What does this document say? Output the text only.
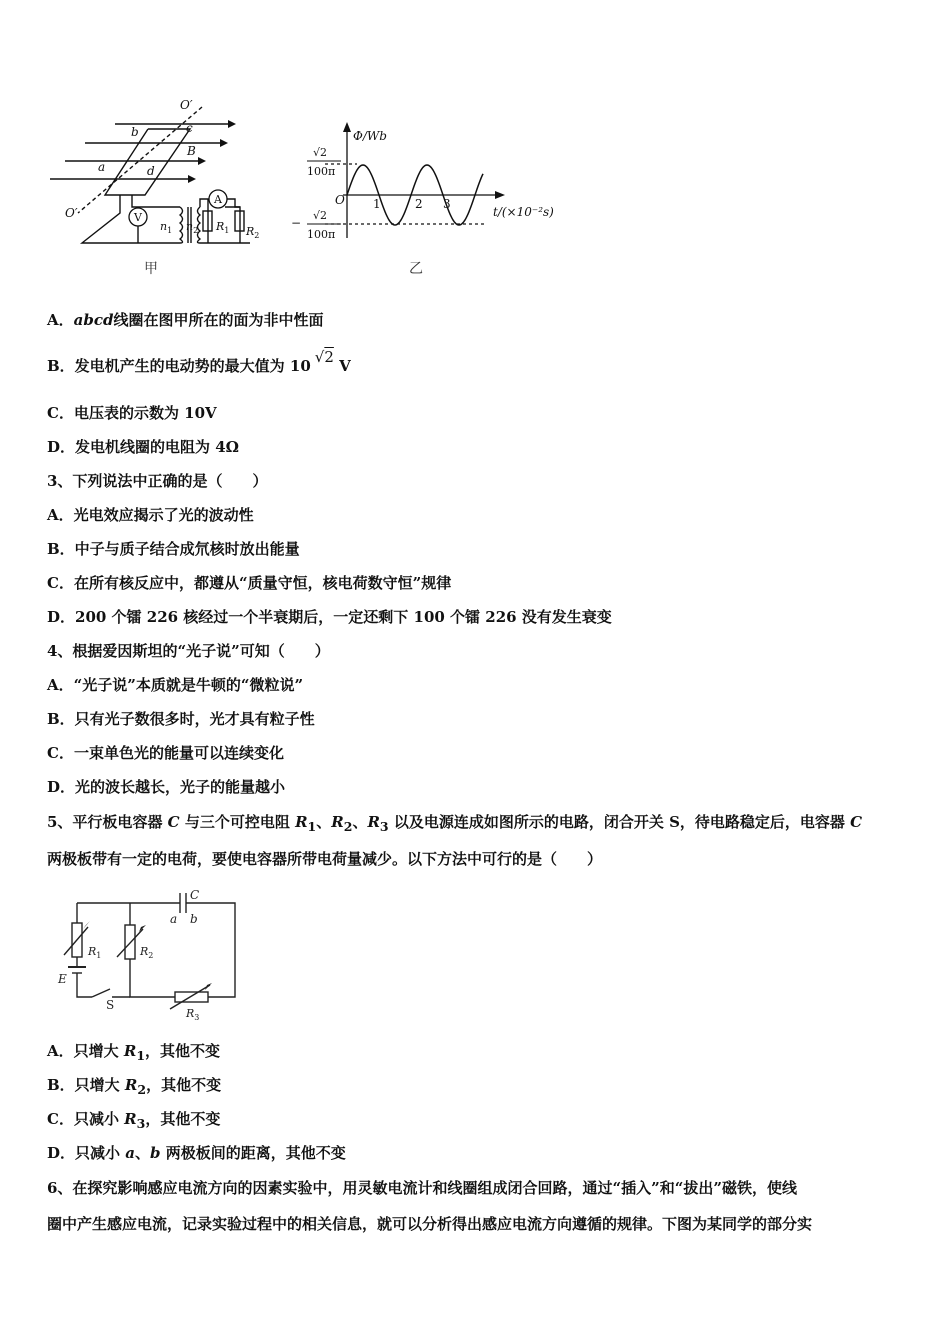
O′
O′
a
b	c
d
B
$n_1$ $n_2$ $R_1$ $R_2$
V
A
甲
Φ/Wb
O
t/(×10⁻²s)
1	2 3
√2
100π
−
√2
100π
乙
A．abcd线圈在图甲所在的面为非中性面
B．发电机产生的电动势的最大值为 10 √2 V
C．电压表的示数为 10V
D．发电机线圈的电阻为 4Ω
3、下列说法中正确的是（　　）
A．光电效应揭示了光的波动性
B．中子与质子结合成氘核时放出能量
C．在所有核反应中，都遵从“质量守恒，核电荷数守恒”规律
D．200 个镭 226 核经过一个半衰期后，一定还剩下 100 个镭 226 没有发生衰变
4、根据爱因斯坦的“光子说”可知（　　）
A．“光子说”本质就是牛顿的“微粒说”
B．只有光子数很多时，光才具有粒子性
C．一束单色光的能量可以连续变化
D．光的波长越长，光子的能量越小
5、平行板电容器 C 与三个可控电阻 $R_1$、$R_2$、$R_3$ 以及电源连成如图所示的电路，闭合开关 S，待电路稳定后，电容器 C
两极板带有一定的电荷，要使电容器所带电荷量减少。以下方法中可行的是（　　）
C
a b
$R_1$	$R_2$
$R_3$
E
S
A．只增大 $R_1$，其他不变
B．只增大 $R_2$，其他不变
C．只减小 $R_3$，其他不变
D．只减小 a、b 两极板间的距离，其他不变
6、在探究影响感应电流方向的因素实验中，用灵敏电流计和线圈组成闭合回路，通过“插入”和“拔出”磁铁，使线
圈中产生感应电流，记录实验过程中的相关信息，就可以分析得出感应电流方向遵循的规律。下图为某同学的部分实
